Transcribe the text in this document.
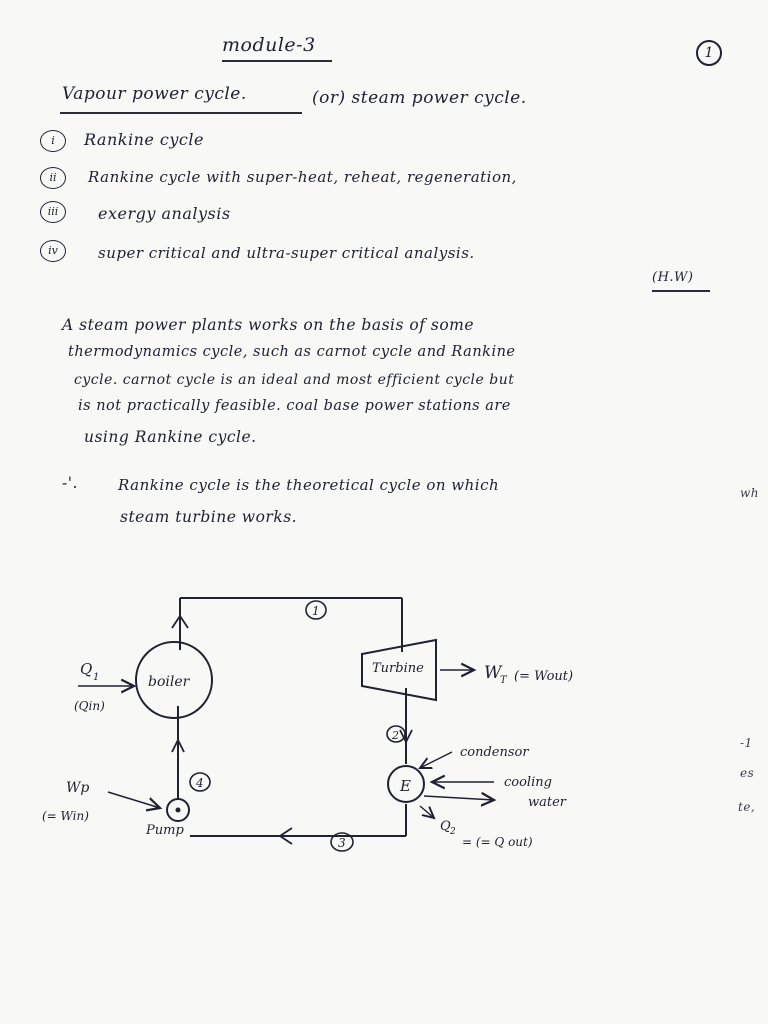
module-3	1
Vapour power cycle.	(or) steam power cycle.
i	Rankine cycle
ii	Rankine cycle with super-heat, reheat, regeneration,
iii	exergy analysis
iv	super critical and ultra-super critical analysis.
(H.W)
A steam power plants works on the basis of some
thermodynamics cycle, such as carnot cycle and Rankine
cycle. carnot cycle is an ideal and most efficient cycle but
is not practically feasible. coal base power stations are
using Rankine cycle.
-'.	Rankine cycle is the theoretical cycle on which
steam turbine works.
wh
-1
es
te,
boiler
Turbine
Pump
E
condensor
cooling
water
Q 1
(Qin)
W
T (= Wout)
Wp
(= Win)
Q 2
= (= Q out)
1
2
3
4
